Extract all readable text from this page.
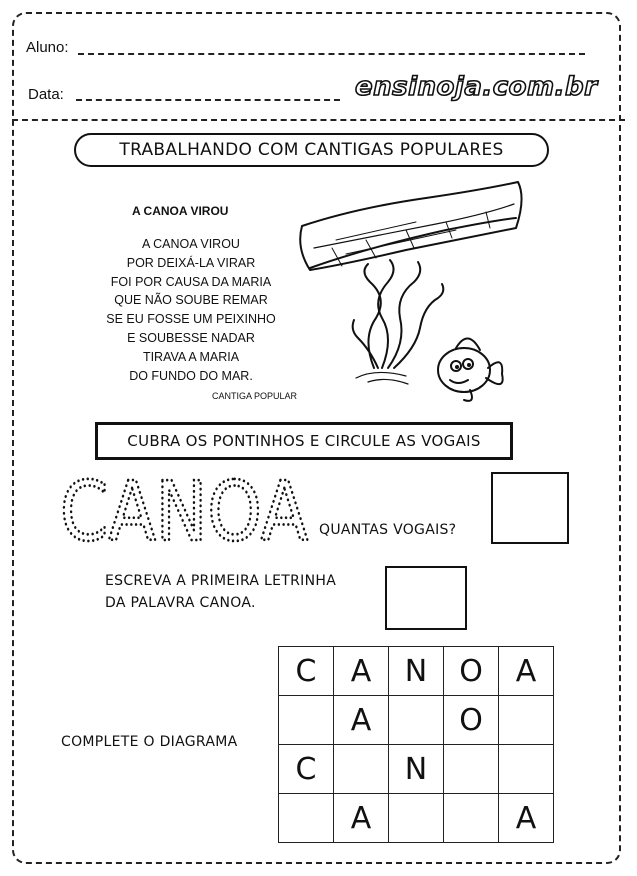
Aluno:
Data:	ensinoja.com.br
TRABALHANDO COM CANTIGAS POPULARES
A CANOA VIROU
A CANOA VIROU
POR DEIXÁ-LA VIRAR
FOI POR CAUSA DA MARIA
QUE NÃO SOUBE REMAR
SE EU FOSSE UM PEIXINHO
E SOUBESSE NADAR
TIRAVA A MARIA
DO FUNDO DO MAR.
CANTIGA POPULAR
CUBRA OS PONTINHOS E CIRCULE AS VOGAIS
CANOA QUANTAS VOGAIS?
ESCREVA A PRIMEIRA LETRINHA
DA PALAVRA CANOA.
COMPLETE O DIAGRAMA
C	A	N	O	A
	A		O	
C		N		
	A			A
